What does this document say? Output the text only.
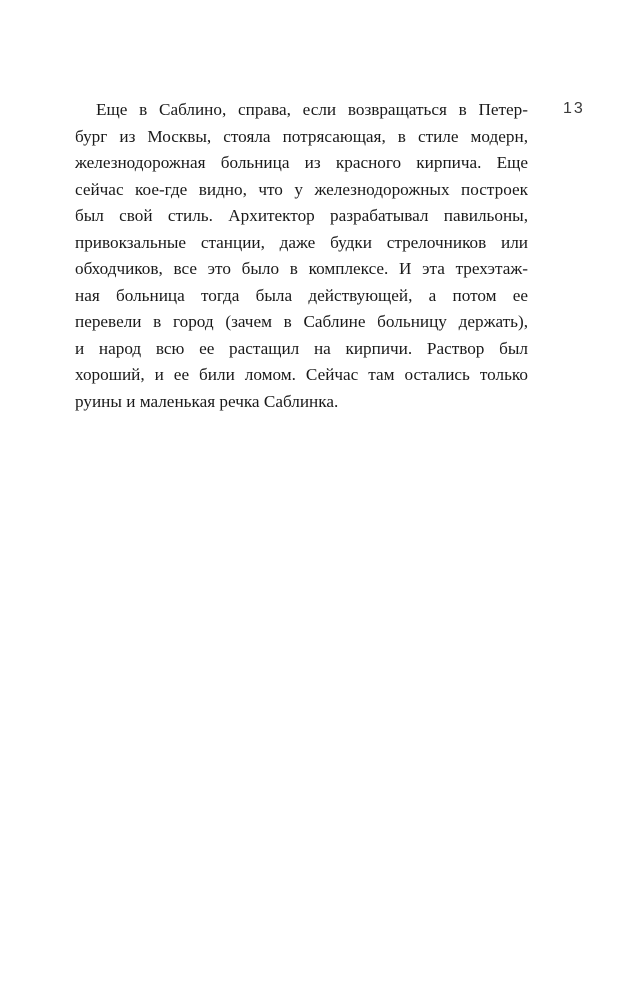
13
Еще в Саблино, справа, если возвращаться в Петер-
бург из Москвы, стояла потрясающая, в стиле модерн,
железнодорожная больница из красного кирпича. Еще
сейчас кое-где видно, что у железнодорожных построек
был свой стиль. Архитектор разрабатывал павильоны,
привокзальные станции, даже будки стрелочников или
обходчиков, все это было в комплексе. И эта трехэтаж-
ная больница тогда была действующей, а потом ее
перевели в город (зачем в Саблине больницу держать),
и народ всю ее растащил на кирпичи. Раствор был
хороший, и ее били ломом. Сейчас там остались только
руины и маленькая речка Саблинка.
